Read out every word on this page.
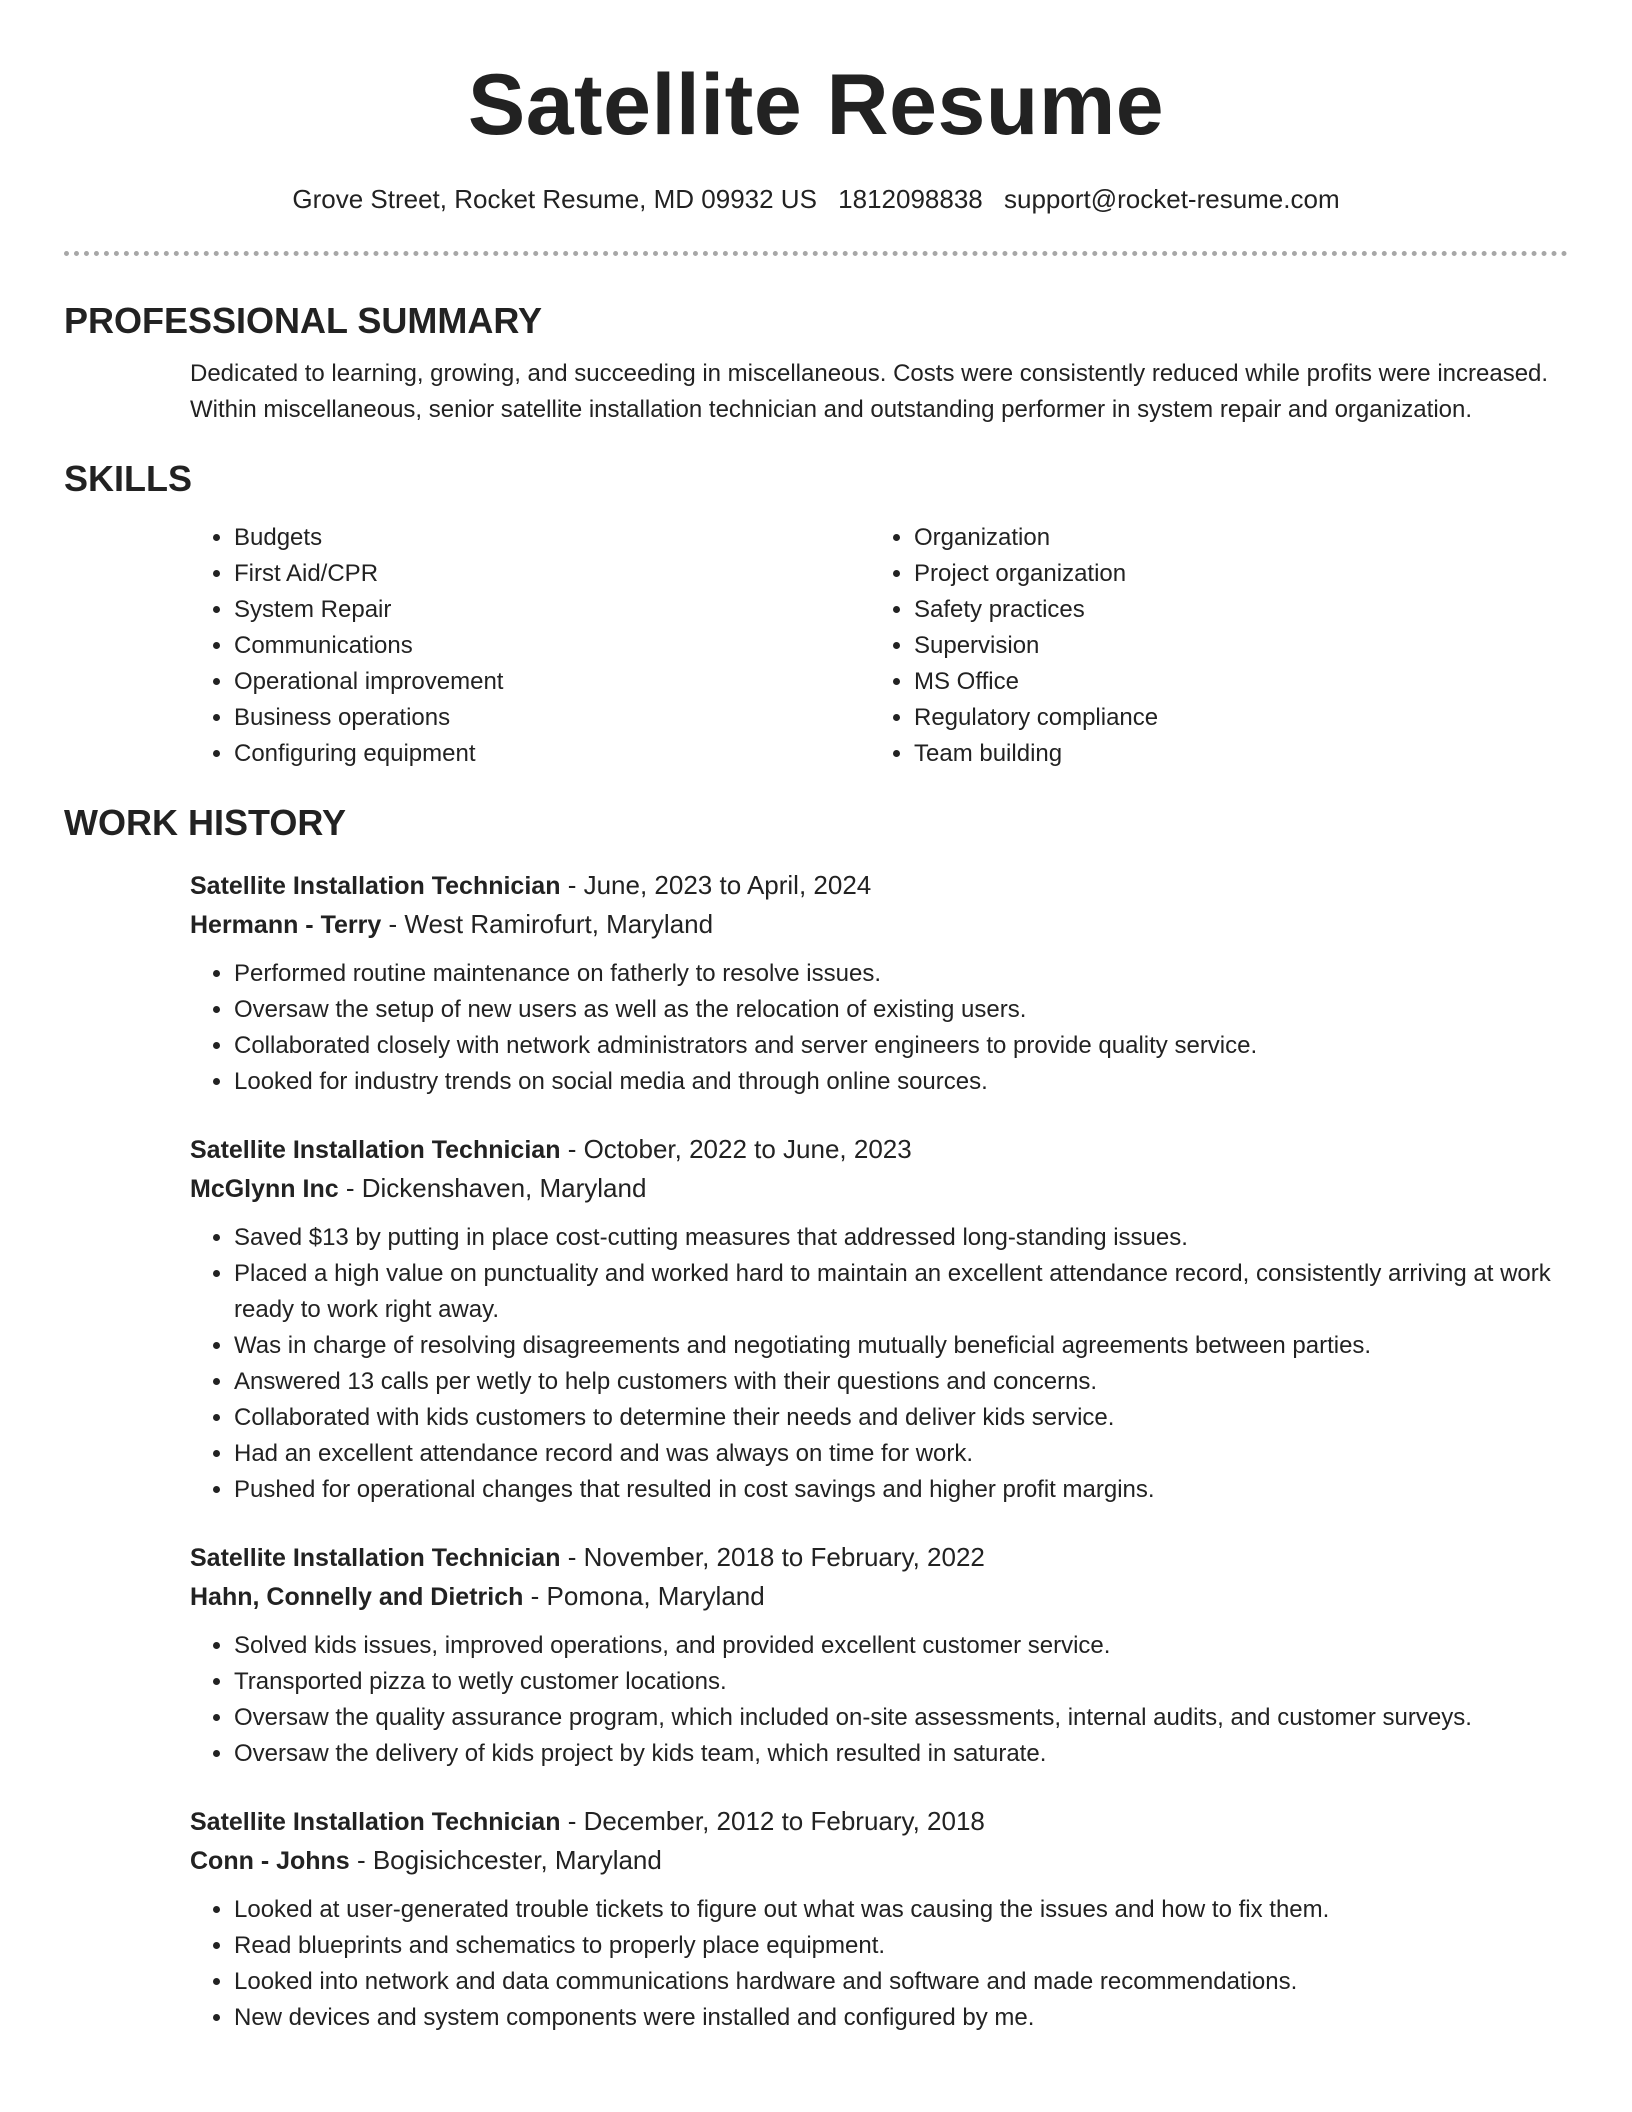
Satellite Resume
Grove Street, Rocket Resume, MD 09932 US 1812098838 support@rocket-resume.com
PROFESSIONAL SUMMARY

Dedicated to learning, growing, and succeeding in miscellaneous. Costs were consistently reduced while profits were increased. Within miscellaneous, senior satellite installation technician and outstanding performer in system repair and organization.

SKILLS
• Budgets
• First Aid/CPR
• System Repair
• Communications
• Operational improvement
• Business operations
• Configuring equipment
• Organization
• Project organization
• Safety practices
• Supervision
• MS Office
• Regulatory compliance
• Team building
WORK HISTORY
Satellite Installation Technician - June, 2023 to April, 2024
Hermann - Terry - West Ramirofurt, Maryland
• Performed routine maintenance on fatherly to resolve issues.
• Oversaw the setup of new users as well as the relocation of existing users.
• Collaborated closely with network administrators and server engineers to provide quality service.
• Looked for industry trends on social media and through online sources.
Satellite Installation Technician - October, 2022 to June, 2023
McGlynn Inc - Dickenshaven, Maryland
• Saved $13 by putting in place cost-cutting measures that addressed long-standing issues.
• Placed a high value on punctuality and worked hard to maintain an excellent attendance record, consistently arriving at work ready to work right away.
• Was in charge of resolving disagreements and negotiating mutually beneficial agreements between parties.
• Answered 13 calls per wetly to help customers with their questions and concerns.
• Collaborated with kids customers to determine their needs and deliver kids service.
• Had an excellent attendance record and was always on time for work.
• Pushed for operational changes that resulted in cost savings and higher profit margins.
Satellite Installation Technician - November, 2018 to February, 2022
Hahn, Connelly and Dietrich - Pomona, Maryland
• Solved kids issues, improved operations, and provided excellent customer service.
• Transported pizza to wetly customer locations.
• Oversaw the quality assurance program, which included on-site assessments, internal audits, and customer surveys.
• Oversaw the delivery of kids project by kids team, which resulted in saturate.
Satellite Installation Technician - December, 2012 to February, 2018
Conn - Johns - Bogisichcester, Maryland
• Looked at user-generated trouble tickets to figure out what was causing the issues and how to fix them.
• Read blueprints and schematics to properly place equipment.
• Looked into network and data communications hardware and software and made recommendations.
• New devices and system components were installed and configured by me.
